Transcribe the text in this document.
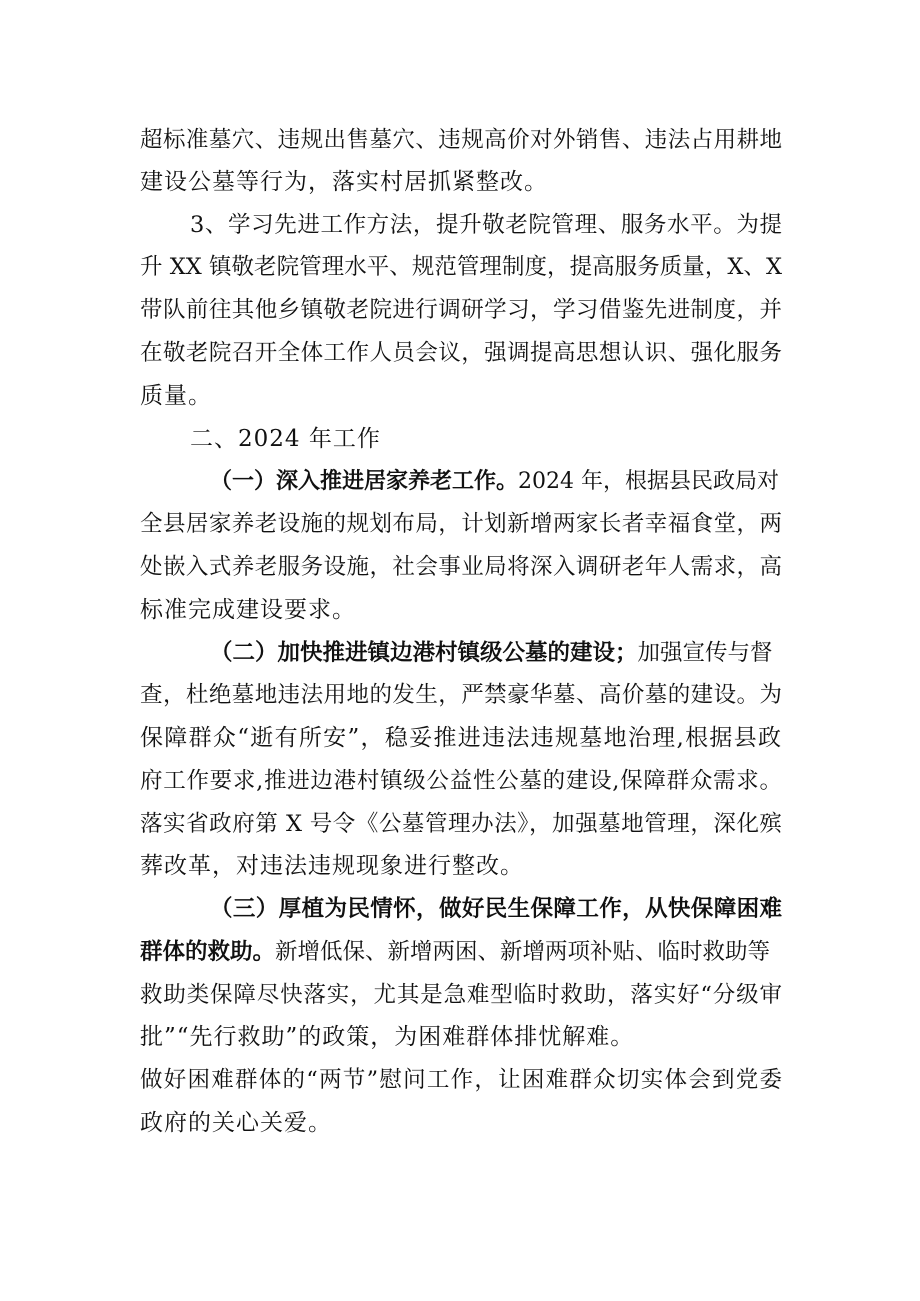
超标准墓穴、违规出售墓穴、违规高价对外销售、违法占用耕地
建设公墓等行为，落实村居抓紧整改。
3、学习先进工作方法，提升敬老院管理、服务水平。为提
升 XX 镇敬老院管理水平、规范管理制度，提高服务质量，X、X
带队前往其他乡镇敬老院进行调研学习，学习借鉴先进制度，并
在敬老院召开全体工作人员会议，强调提高思想认识、强化服务
质量。
二、2024 年工作
（一）深入推进居家养老工作。2024 年，根据县民政局对
全县居家养老设施的规划布局，计划新增两家长者幸福食堂，两
处嵌入式养老服务设施，社会事业局将深入调研老年人需求，高
标准完成建设要求。
（二）加快推进镇边港村镇级公墓的建设；加强宣传与督
查，杜绝墓地违法用地的发生，严禁豪华墓、高价墓的建设。为
保障群众“逝有所安”，稳妥推进违法违规墓地治理,根据县政
府工作要求,推进边港村镇级公益性公墓的建设,保障群众需求。
落实省政府第 X 号令《公墓管理办法》，加强墓地管理，深化殡
葬改革，对违法违规现象进行整改。
（三）厚植为民情怀，做好民生保障工作，从快保障困难
群体的救助。新增低保、新增两困、新增两项补贴、临时救助等
救助类保障尽快落实，尤其是急难型临时救助，落实好“分级审
批”“先行救助”的政策，为困难群体排忧解难。
做好困难群体的“两节”慰问工作，让困难群众切实体会到党委
政府的关心关爱。
